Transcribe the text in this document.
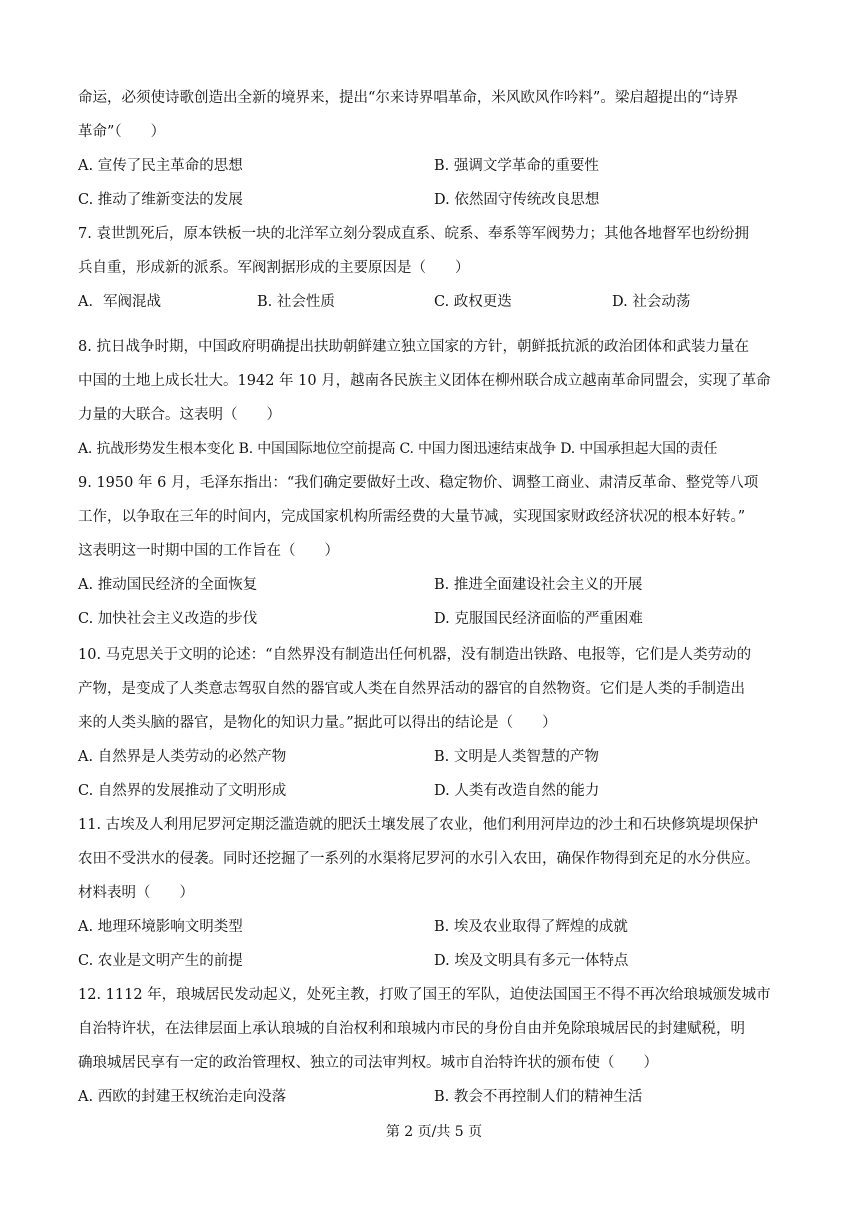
命运，必须使诗歌创造出全新的境界来，提出“尔来诗界唱革命，米风欧风作吟料”。梁启超提出的“诗界
革命”（　　）
A. 宣传了民主革命的思想	B. 强调文学革命的重要性
C. 推动了维新变法的发展	D. 依然固守传统改良思想
7. 袁世凯死后，原本铁板一块的北洋军立刻分裂成直系、皖系、奉系等军阀势力；其他各地督军也纷纷拥
兵自重，形成新的派系。军阀割据形成的主要原因是（　　）
A．军阀混战	B. 社会性质	C. 政权更迭	D. 社会动荡
8. 抗日战争时期，中国政府明确提出扶助朝鲜建立独立国家的方针，朝鲜抵抗派的政治团体和武装力量在
中国的土地上成长壮大。1942 年 10 月，越南各民族主义团体在柳州联合成立越南革命同盟会，实现了革命
力量的大联合。这表明（　　）
A. 抗战形势发生根本变化 B. 中国国际地位空前提高 C. 中国力图迅速结束战争 D. 中国承担起大国的责任
9. 1950 年 6 月，毛泽东指出：“我们确定要做好土改、稳定物价、调整工商业、肃清反革命、整党等八项
工作，以争取在三年的时间内，完成国家机构所需经费的大量节减，实现国家财政经济状况的根本好转。”
这表明这一时期中国的工作旨在（　　）
A. 推动国民经济的全面恢复	B. 推进全面建设社会主义的开展
C. 加快社会主义改造的步伐	D. 克服国民经济面临的严重困难
10. 马克思关于文明的论述：“自然界没有制造出任何机器，没有制造出铁路、电报等，它们是人类劳动的
产物，是变成了人类意志驾驭自然的器官或人类在自然界活动的器官的自然物资。它们是人类的手制造出
来的人类头脑的器官，是物化的知识力量。”据此可以得出的结论是（　　）
A. 自然界是人类劳动的必然产物	B. 文明是人类智慧的产物
C. 自然界的发展推动了文明形成	D. 人类有改造自然的能力
11. 古埃及人利用尼罗河定期泛滥造就的肥沃土壤发展了农业，他们利用河岸边的沙土和石块修筑堤坝保护
农田不受洪水的侵袭。同时还挖掘了一系列的水渠将尼罗河的水引入农田，确保作物得到充足的水分供应。
材料表明（　　）
A. 地理环境影响文明类型	B. 埃及农业取得了辉煌的成就
C. 农业是文明产生的前提	D. 埃及文明具有多元一体特点
12. 1112 年，琅城居民发动起义，处死主教，打败了国王的军队，迫使法国国王不得不再次给琅城颁发城市
自治特许状，在法律层面上承认琅城的自治权利和琅城内市民的身份自由并免除琅城居民的封建赋税，明
确琅城居民享有一定的政治管理权、独立的司法审判权。城市自治特许状的颁布使（　　）
A. 西欧的封建王权统治走向没落	B. 教会不再控制人们的精神生活
第 2 页/共 5 页
